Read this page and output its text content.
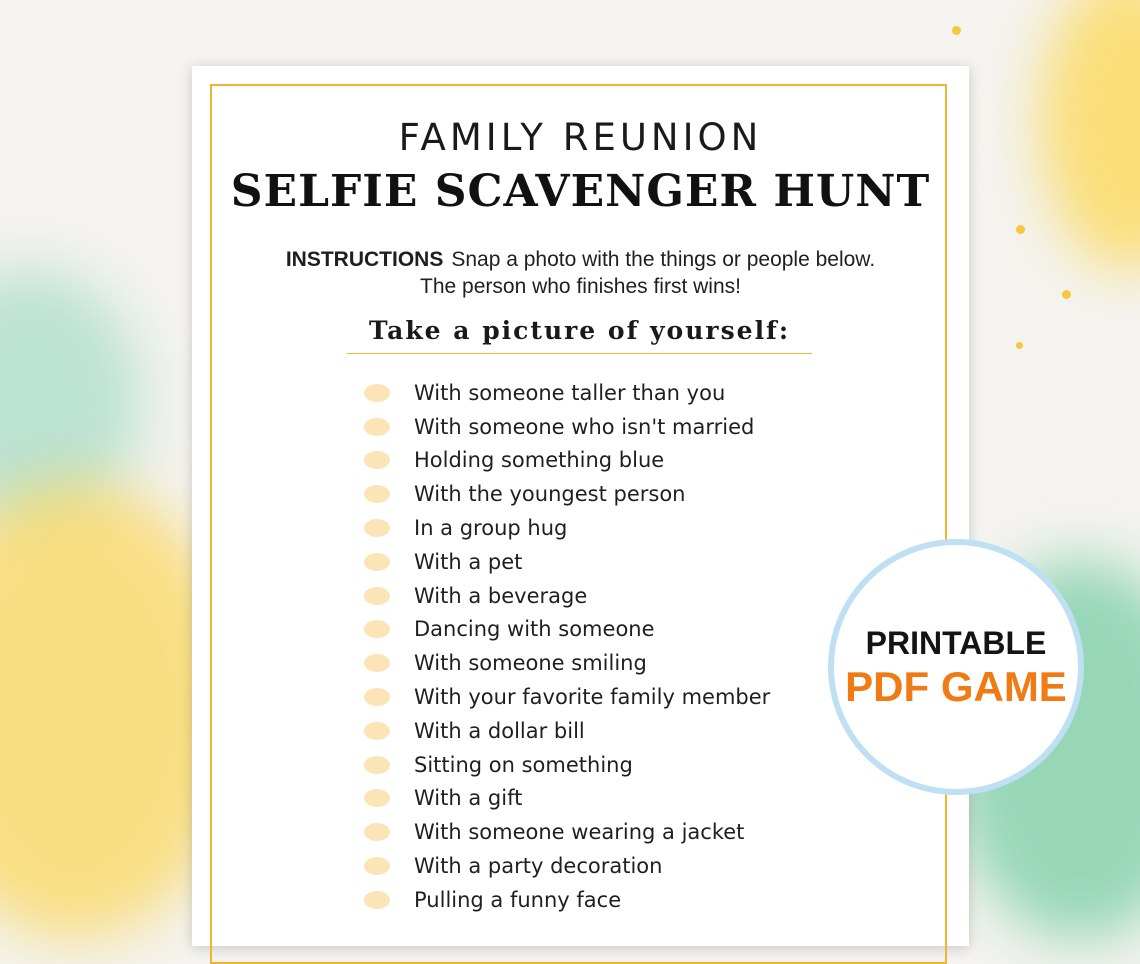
FAMILY REUNION
SELFIE SCAVENGER HUNT
INSTRUCTIONS Snap a photo with the things or people below.
The person who finishes first wins!
Take a picture of yourself:
With someone taller than you
With someone who isn't married
Holding something blue
With the youngest person
In a group hug
With a pet
With a beverage
Dancing with someone
With someone smiling
With your favorite family member
With a dollar bill
Sitting on something
With a gift
With someone wearing a jacket
With a party decoration
Pulling a funny face
PRINTABLE
PDF GAME
